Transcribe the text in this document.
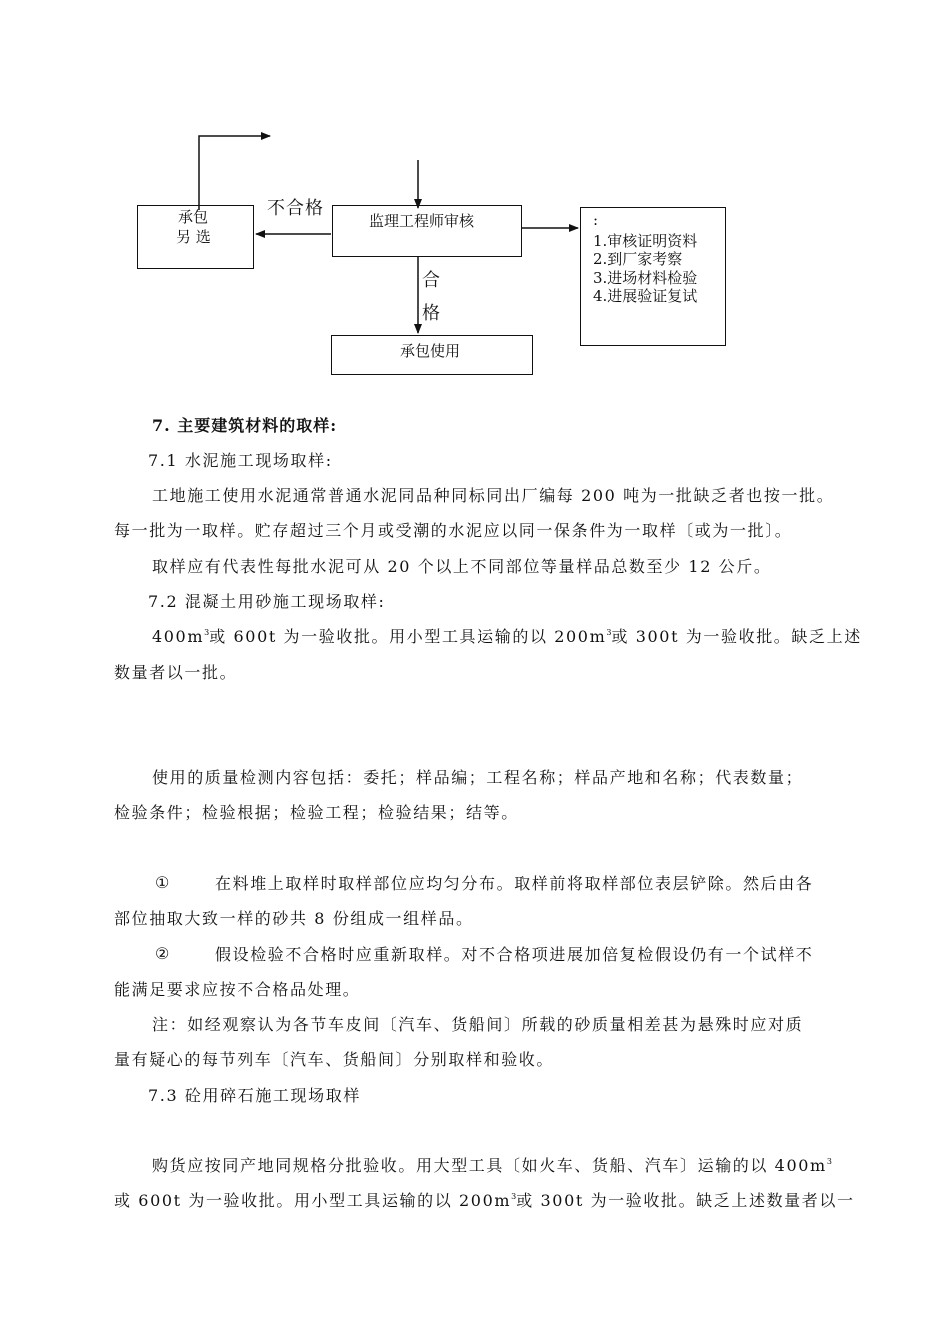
承包
另 选
不合格
监理工程师审核
合
格
承包使用
:
1.审核证明资料
2.到厂家考察
3.进场材料检验
4.进展验证复试
7. 主要建筑材料的取样:
7.1 水泥施工现场取样:
工地施工使用水泥通常普通水泥同品种同标同出厂编每 200 吨为一批缺乏者也按一批。
每一批为一取样。贮存超过三个月或受潮的水泥应以同一保条件为一取样〔或为一批〕。
取样应有代表性每批水泥可从 20 个以上不同部位等量样品总数至少 12 公斤。
7.2 混凝土用砂施工现场取样:
$400m^3$或 600t 为一验收批。用小型工具运输的以 $200m^3$或 300t 为一验收批。缺乏上述
数量者以一批。
使用的质量检测内容包括：委托；样品编；工程名称；样品产地和名称；代表数量；
检验条件；检验根据；检验工程；检验结果；结等。
①	在料堆上取样时取样部位应均匀分布。取样前将取样部位表层铲除。然后由各
部位抽取大致一样的砂共 8 份组成一组样品。
②	假设检验不合格时应重新取样。对不合格项进展加倍复检假设仍有一个试样不
能满足要求应按不合格品处理。
注：如经观察认为各节车皮间〔汽车、货船间〕所载的砂质量相差甚为悬殊时应对质
量有疑心的每节列车〔汽车、货船间〕分别取样和验收。
7.3 砼用碎石施工现场取样
购货应按同产地同规格分批验收。用大型工具〔如火车、货船、汽车〕运输的以 $400m^3$
或 600t 为一验收批。用小型工具运输的以 $200m^3$或 300t 为一验收批。缺乏上述数量者以一
